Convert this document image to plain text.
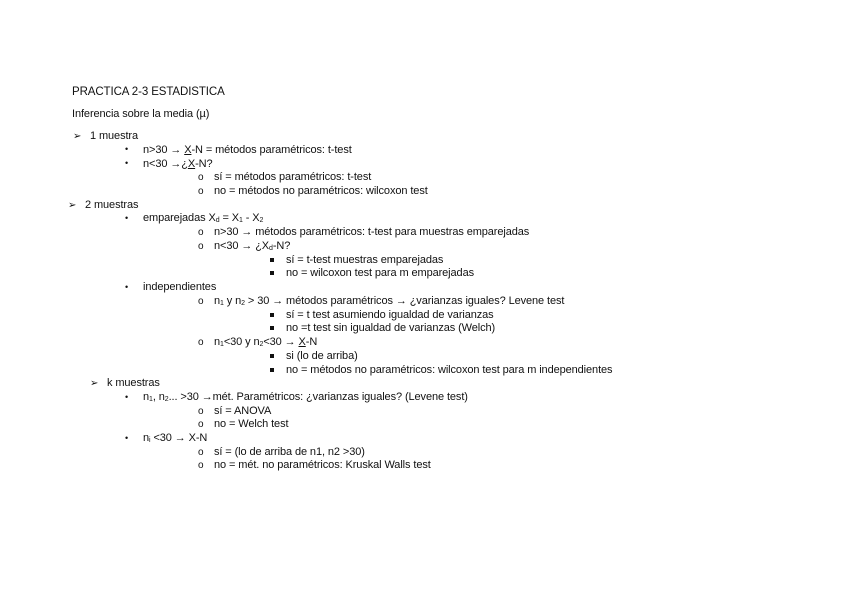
PRACTICA 2-3 ESTADISTICA
Inferencia sobre la media (µ)
➢ 1 muestra
• n>30 → X-N = métodos paramétricos: t-test
• n<30 →¿X-N?
o sí = métodos paramétricos: t-test
o no = métodos no paramétricos: wilcoxon test
➢ 2 muestras
• emparejadas $X_d = X_1 - X_2$
o n>30 → métodos paramétricos: t-test para muestras emparejadas
o $n<30 \to ¿X_d-N$?
sí = t-test muestras emparejadas
no = wilcoxon test para m emparejadas
• independientes
o $n_1$ y $n_2 > 30$ → métodos paramétricos → ¿varianzas iguales? Levene test
sí = t test asumiendo igualdad de varianzas
no =t test sin igualdad de varianzas (Welch)
o $n_1<30$ y $n_2<30 \to X-N$
si (lo de arriba)
no = métodos no paramétricos: wilcoxon test para m independientes
➢ k muestras
• $n_1$, $n_2$... >30 →mét. Paramétricos: ¿varianzas iguales? (Levene test)
o sí = ANOVA
o no = Welch test
• $n_i <30 \to X-N$
o sí = (lo de arriba de n1, n2 >30)
o no = mét. no paramétricos: Kruskal Walls test
